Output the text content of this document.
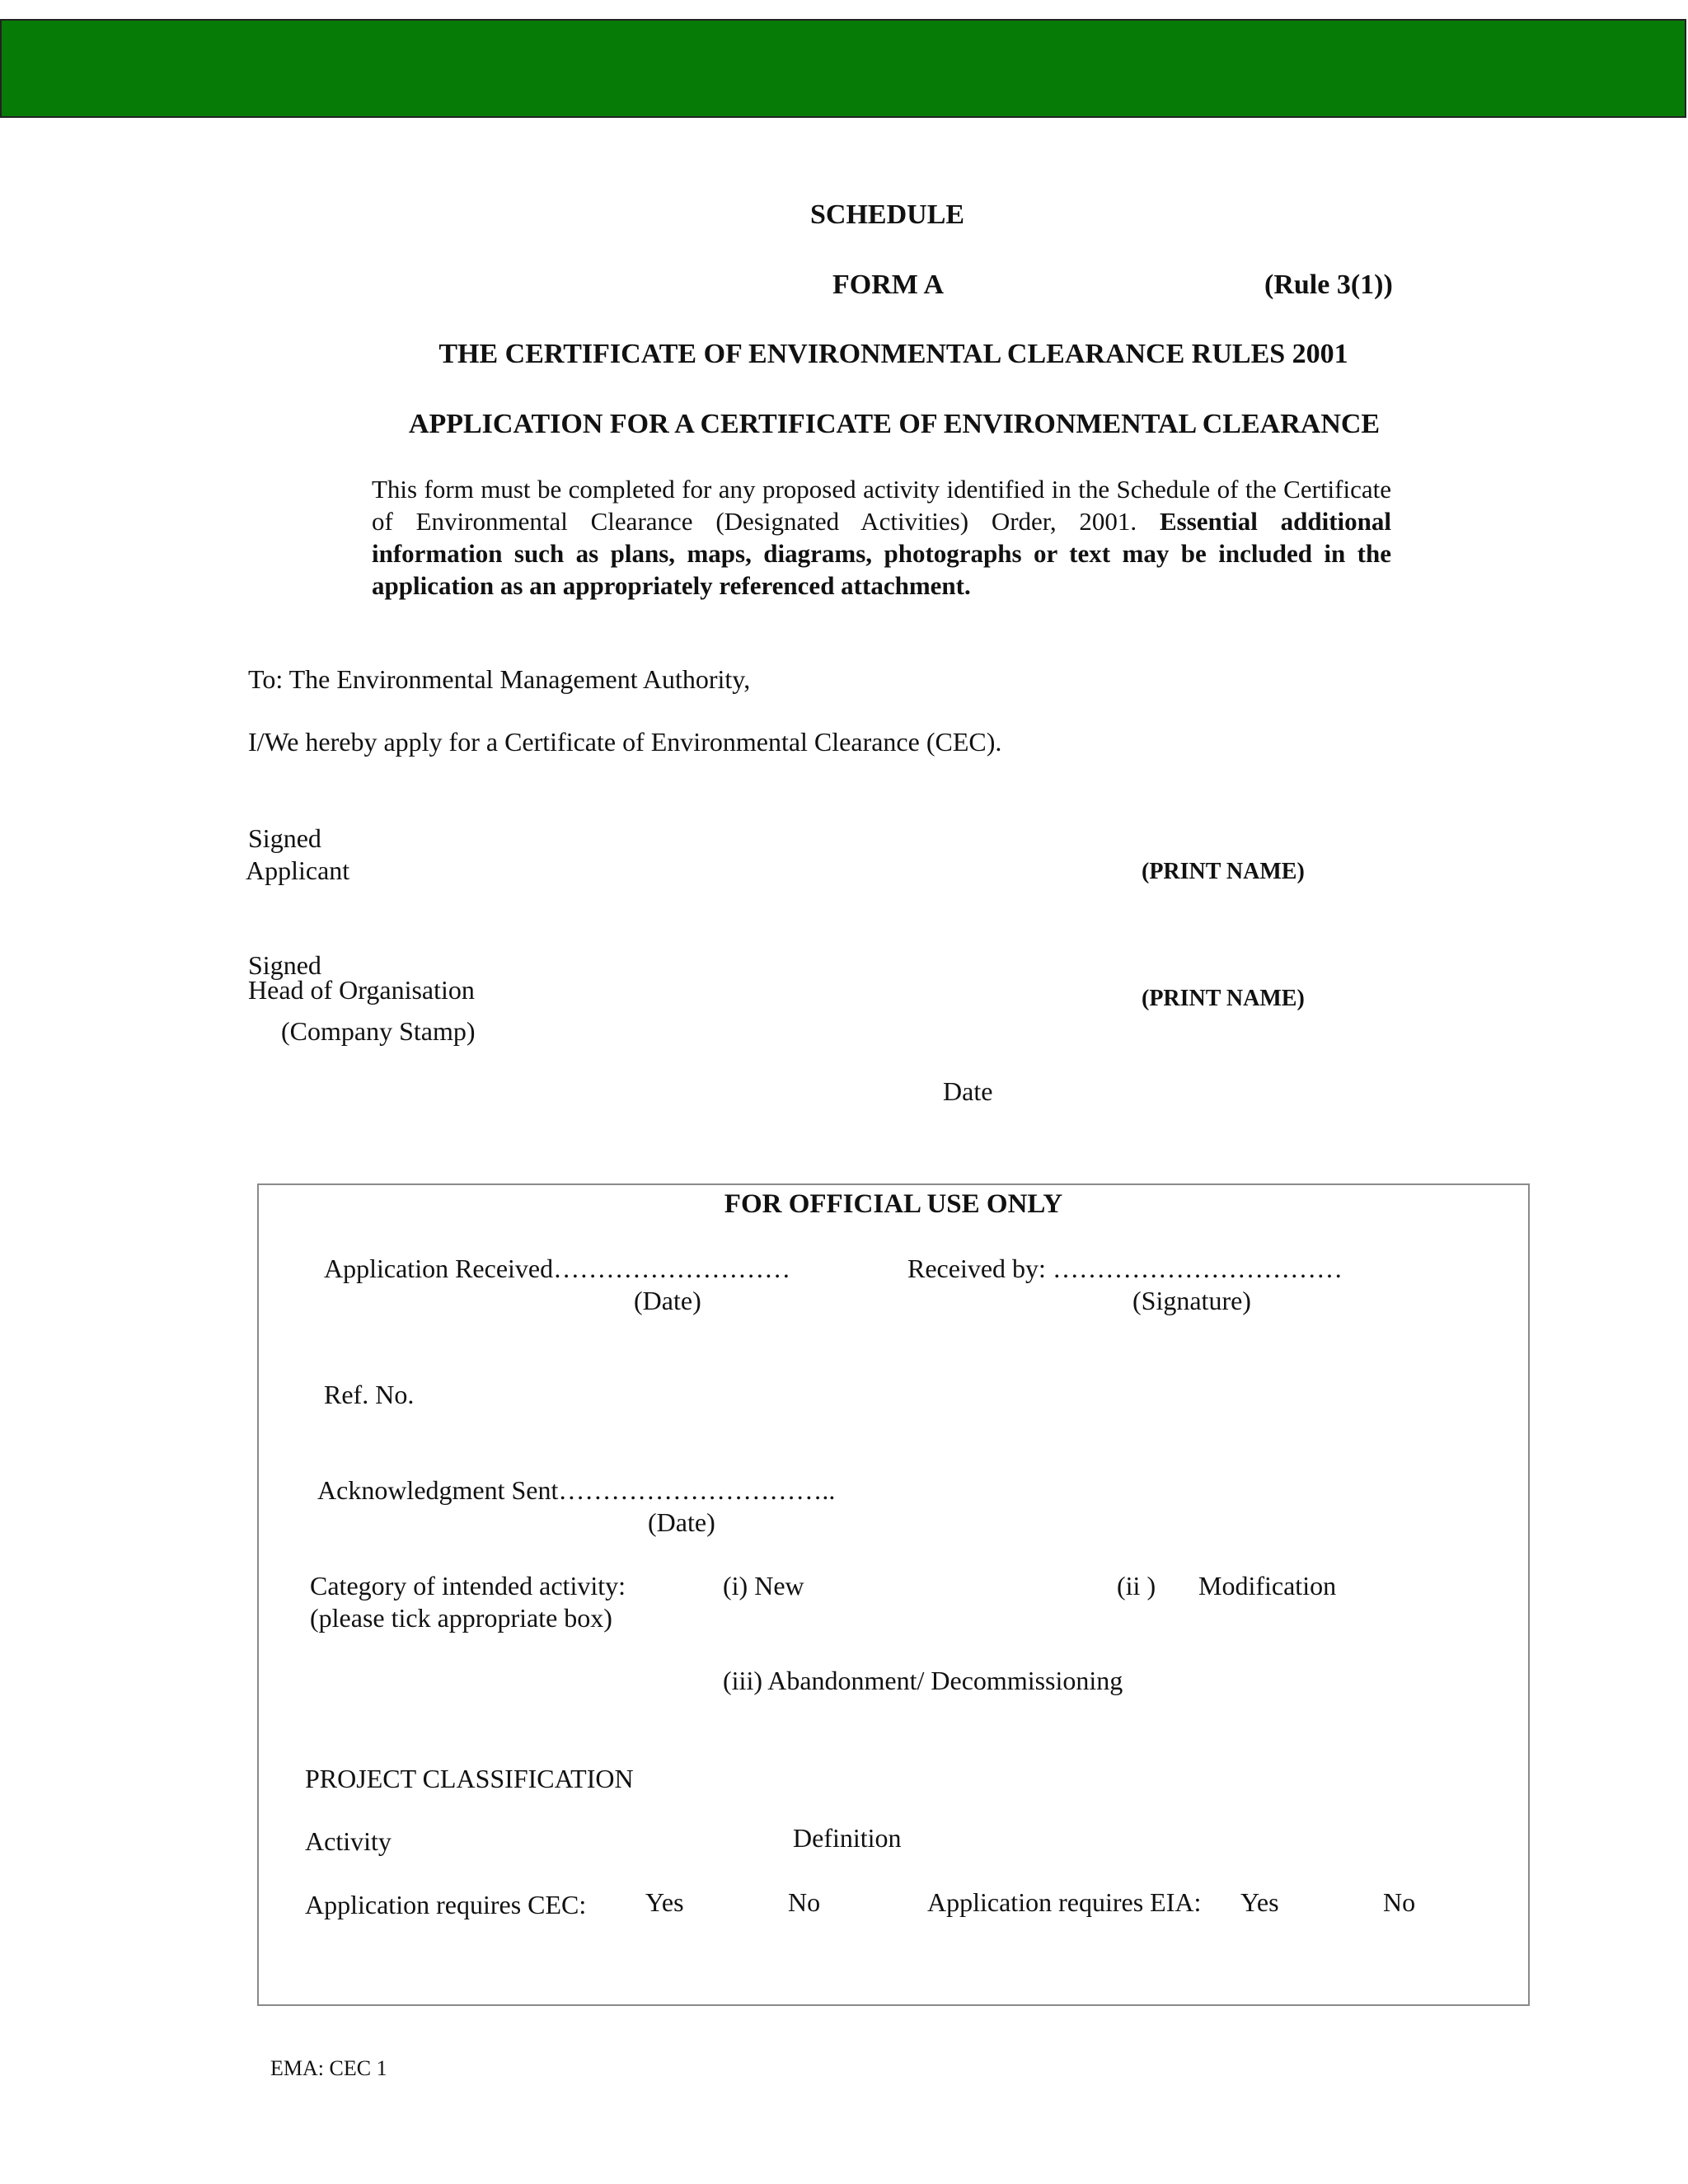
SCHEDULE
FORM A	(Rule 3(1))
THE CERTIFICATE OF ENVIRONMENTAL CLEARANCE RULES 2001
APPLICATION FOR A CERTIFICATE OF ENVIRONMENTAL CLEARANCE
This form must be completed for any proposed activity identified in the Schedule of the Certificate of Environmental Clearance (Designated Activities) Order, 2001. Essential additional information such as plans, maps, diagrams, photographs or text may be included in the application as an appropriately referenced attachment.
To: The Environmental Management Authority,
I/We hereby apply for a Certificate of Environmental Clearance (CEC).
Signed
Applicant	(PRINT NAME)
Signed
Head of Organisation
(Company Stamp)
(PRINT NAME)
Date
FOR OFFICIAL USE ONLY
Application Received………………………
(Date)
Received by: ……………………………
(Signature)
Ref. No.
Acknowledgment Sent…………………………..
(Date)
Category of intended activity:
(please tick appropriate box)
(i) New	(ii ) Modification
(iii) Abandonment/ Decommissioning
PROJECT CLASSIFICATION
Activity	Definition
Application requires CEC: Yes	No	Application requires EIA: Yes	No
EMA: CEC 1
